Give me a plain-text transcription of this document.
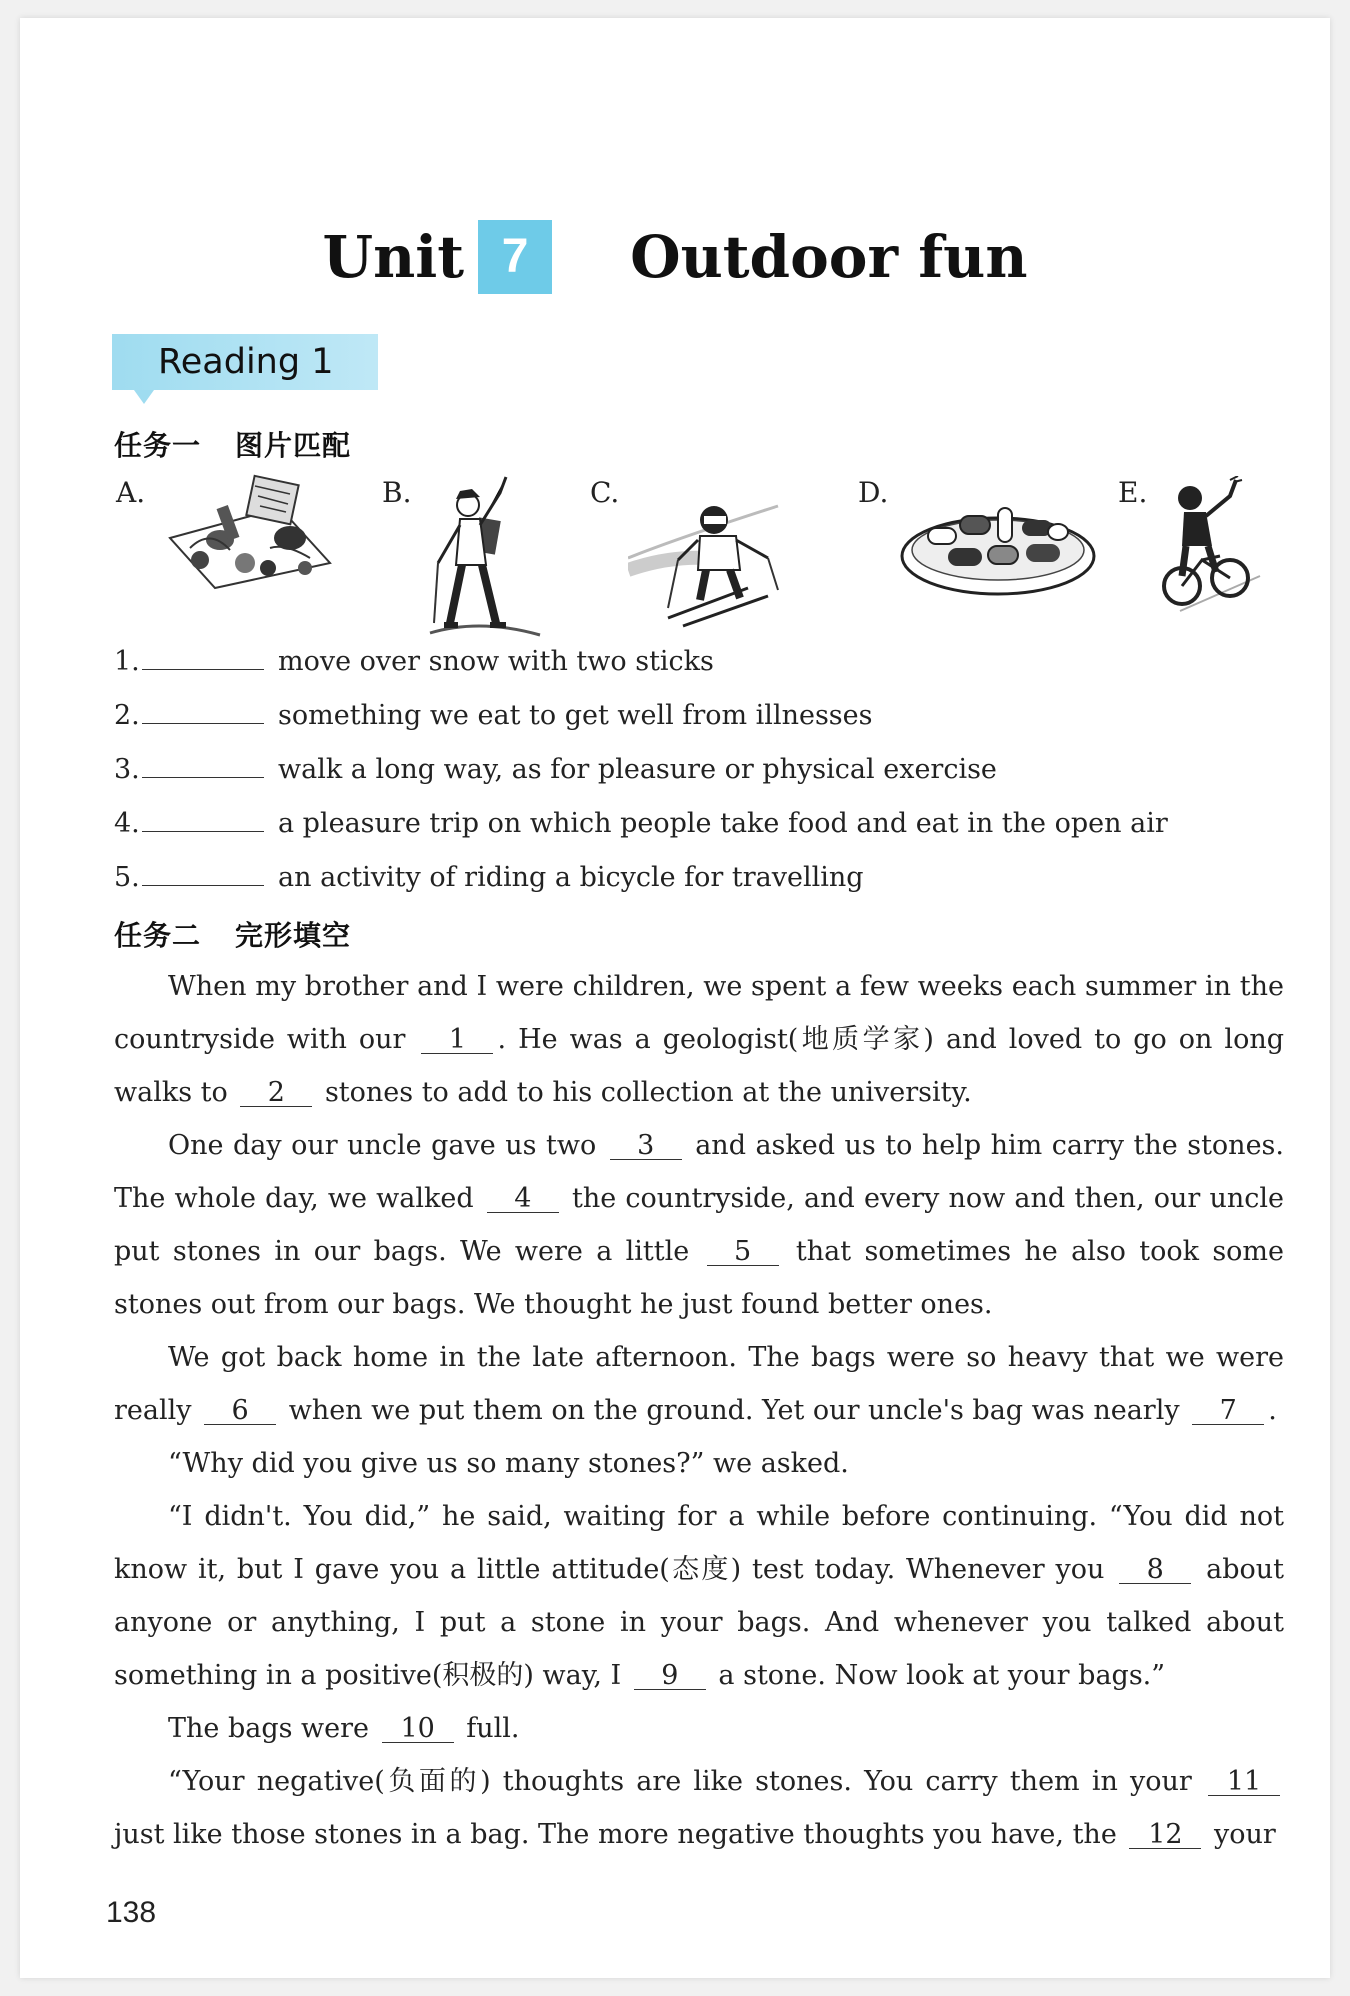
Unit 7 Outdoor fun
Reading 1
任务一 图片匹配
A.	B.	C.	D.	E.
1.	move over snow with two sticks
2.	something we eat to get well from illnesses
3.	walk a long way, as for pleasure or physical exercise
4.	a pleasure trip on which people take food and eat in the open air
5.	an activity of riding a bicycle for travelling
任务二 完形填空

When my brother and I were children, we spent a few weeks each summer in the countryside with our 1 . He was a geologist(地质学家) and loved to go on long walks to 2 stones to add to his collection at the university.

One day our uncle gave us two 3 and asked us to help him carry the stones. The whole day, we walked 4 the countryside, and every now and then, our uncle put stones in our bags. We were a little 5 that sometimes he also took some stones out from our bags. We thought he just found better ones.

We got back home in the late afternoon. The bags were so heavy that we were really 6 when we put them on the ground. Yet our uncle's bag was nearly 7 .

“Why did you give us so many stones?” we asked.

“I didn't. You did,” he said, waiting for a while before continuing. “You did not know it, but I gave you a little attitude(态度) test today. Whenever you 8 about anyone or anything, I put a stone in your bags. And whenever you talked about something in a positive(积极的) way, I 9 a stone. Now look at your bags.”

The bags were 10 full.

“Your negative(负面的) thoughts are like stones. You carry them in your 11 just like those stones in a bag. The more negative thoughts you have, the 12 your

138
